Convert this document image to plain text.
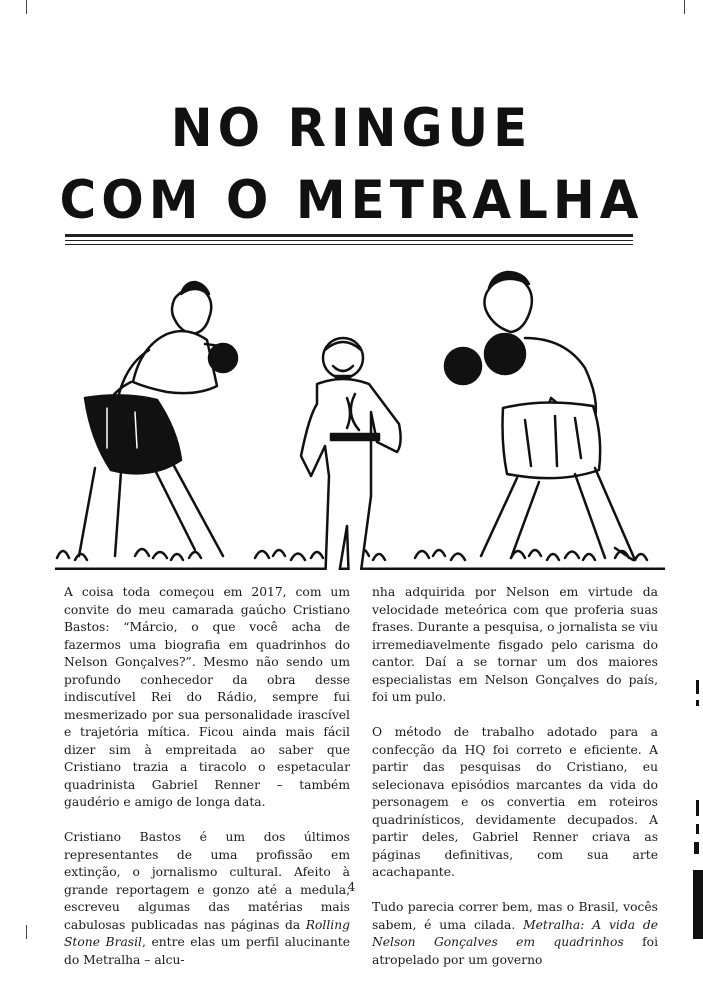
NO RINGUE
COM O METRALHA

A coisa toda começou em 2017, com um convite do meu camarada gaúcho Cristiano Bastos: “Márcio, o que você acha de fazermos uma biografia em quadrinhos do Nelson Gonçalves?”. Mesmo não sendo um profundo conhecedor da obra desse indiscutível Rei do Rádio, sempre fui mesmerizado por sua personalidade irascível e trajetória mítica. Ficou ainda mais fácil dizer sim à empreitada ao saber que Cristiano trazia a tiracolo o espetacular quadrinista Gabriel Renner – também gaudério e amigo de longa data.

Cristiano Bastos é um dos últimos representantes de uma profissão em extinção, o jornalismo cultural. Afeito à grande reportagem e gonzo até a medula, escreveu algumas das matérias mais cabulosas publicadas nas páginas da Rolling Stone Brasil, entre elas um perfil alucinante do Metralha – alcu-

nha adquirida por Nelson em virtude da velocidade meteórica com que proferia suas frases. Durante a pesquisa, o jornalista se viu irremediavelmente fisgado pelo carisma do cantor. Daí a se tornar um dos maiores especialistas em Nelson Gonçalves do país, foi um pulo.

O método de trabalho adotado para a confecção da HQ foi correto e eficiente. A partir das pesquisas do Cristiano, eu selecionava episódios marcantes da vida do personagem e os convertia em roteiros quadrinísticos, devidamente decupados. A partir deles, Gabriel Renner criava as páginas definitivas, com sua arte acachapante.

Tudo parecia correr bem, mas o Brasil, vocês sabem, é uma cilada. Metralha: A vida de Nelson Gonçalves em quadrinhos foi atropelado por um governo

4
